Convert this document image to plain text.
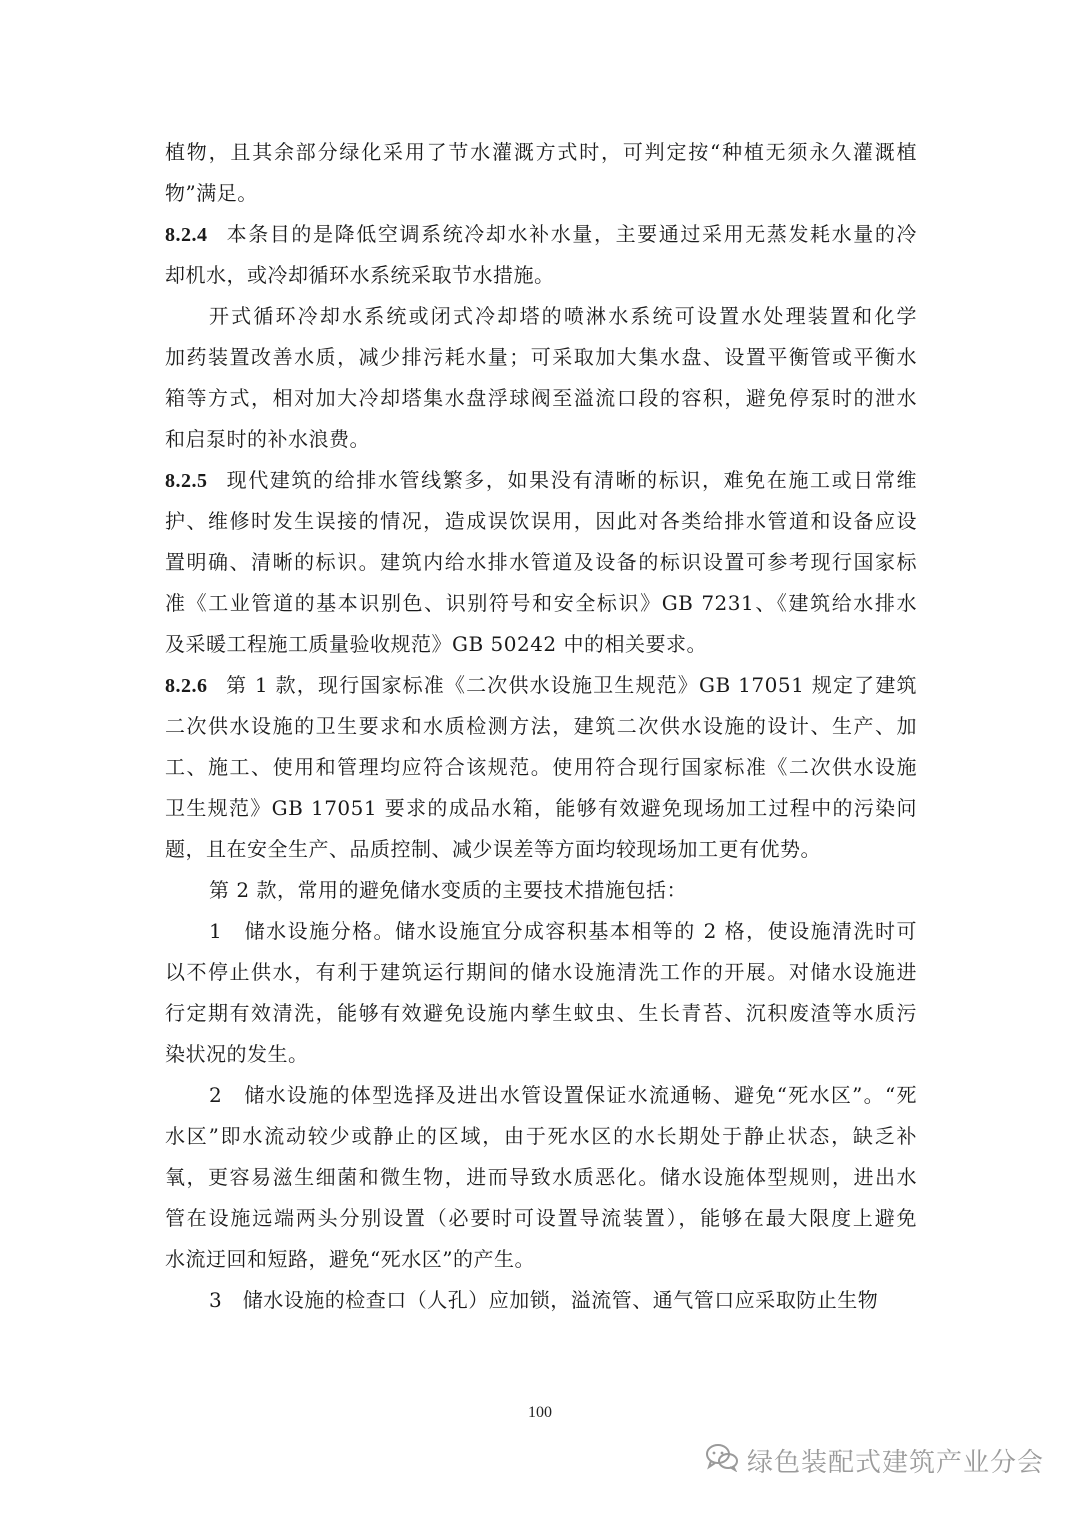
植物，且其余部分绿化采用了节水灌溉方式时，可判定按“种植无须永久灌溉植
物”满足。
8.2.4 本条目的是降低空调系统冷却水补水量，主要通过采用无蒸发耗水量的冷
却机水，或冷却循环水系统采取节水措施。
开式循环冷却水系统或闭式冷却塔的喷淋水系统可设置水处理装置和化学
加药装置改善水质，减少排污耗水量；可采取加大集水盘、设置平衡管或平衡水
箱等方式，相对加大冷却塔集水盘浮球阀至溢流口段的容积，避免停泵时的泄水
和启泵时的补水浪费。
8.2.5 现代建筑的给排水管线繁多，如果没有清晰的标识，难免在施工或日常维
护、维修时发生误接的情况，造成误饮误用，因此对各类给排水管道和设备应设
置明确、清晰的标识。建筑内给水排水管道及设备的标识设置可参考现行国家标
准《工业管道的基本识别色、识别符号和安全标识》GB 7231、《建筑给水排水
及采暖工程施工质量验收规范》GB 50242 中的相关要求。
8.2.6 第 1 款，现行国家标准《二次供水设施卫生规范》GB 17051 规定了建筑
二次供水设施的卫生要求和水质检测方法，建筑二次供水设施的设计、生产、加
工、施工、使用和管理均应符合该规范。使用符合现行国家标准《二次供水设施
卫生规范》GB 17051 要求的成品水箱，能够有效避免现场加工过程中的污染问
题，且在安全生产、品质控制、减少误差等方面均较现场加工更有优势。
第 2 款，常用的避免储水变质的主要技术措施包括：
1　储水设施分格。储水设施宜分成容积基本相等的 2 格，使设施清洗时可
以不停止供水，有利于建筑运行期间的储水设施清洗工作的开展。对储水设施进
行定期有效清洗，能够有效避免设施内孳生蚊虫、生长青苔、沉积废渣等水质污
染状况的发生。
2　储水设施的体型选择及进出水管设置保证水流通畅、避免“死水区”。“死
水区”即水流动较少或静止的区域，由于死水区的水长期处于静止状态，缺乏补
氧，更容易滋生细菌和微生物，进而导致水质恶化。储水设施体型规则，进出水
管在设施远端两头分别设置（必要时可设置导流装置），能够在最大限度上避免
水流迂回和短路，避免“死水区”的产生。
3　储水设施的检查口（人孔）应加锁，溢流管、通气管口应采取防止生物
100
绿色装配式建筑产业分会
